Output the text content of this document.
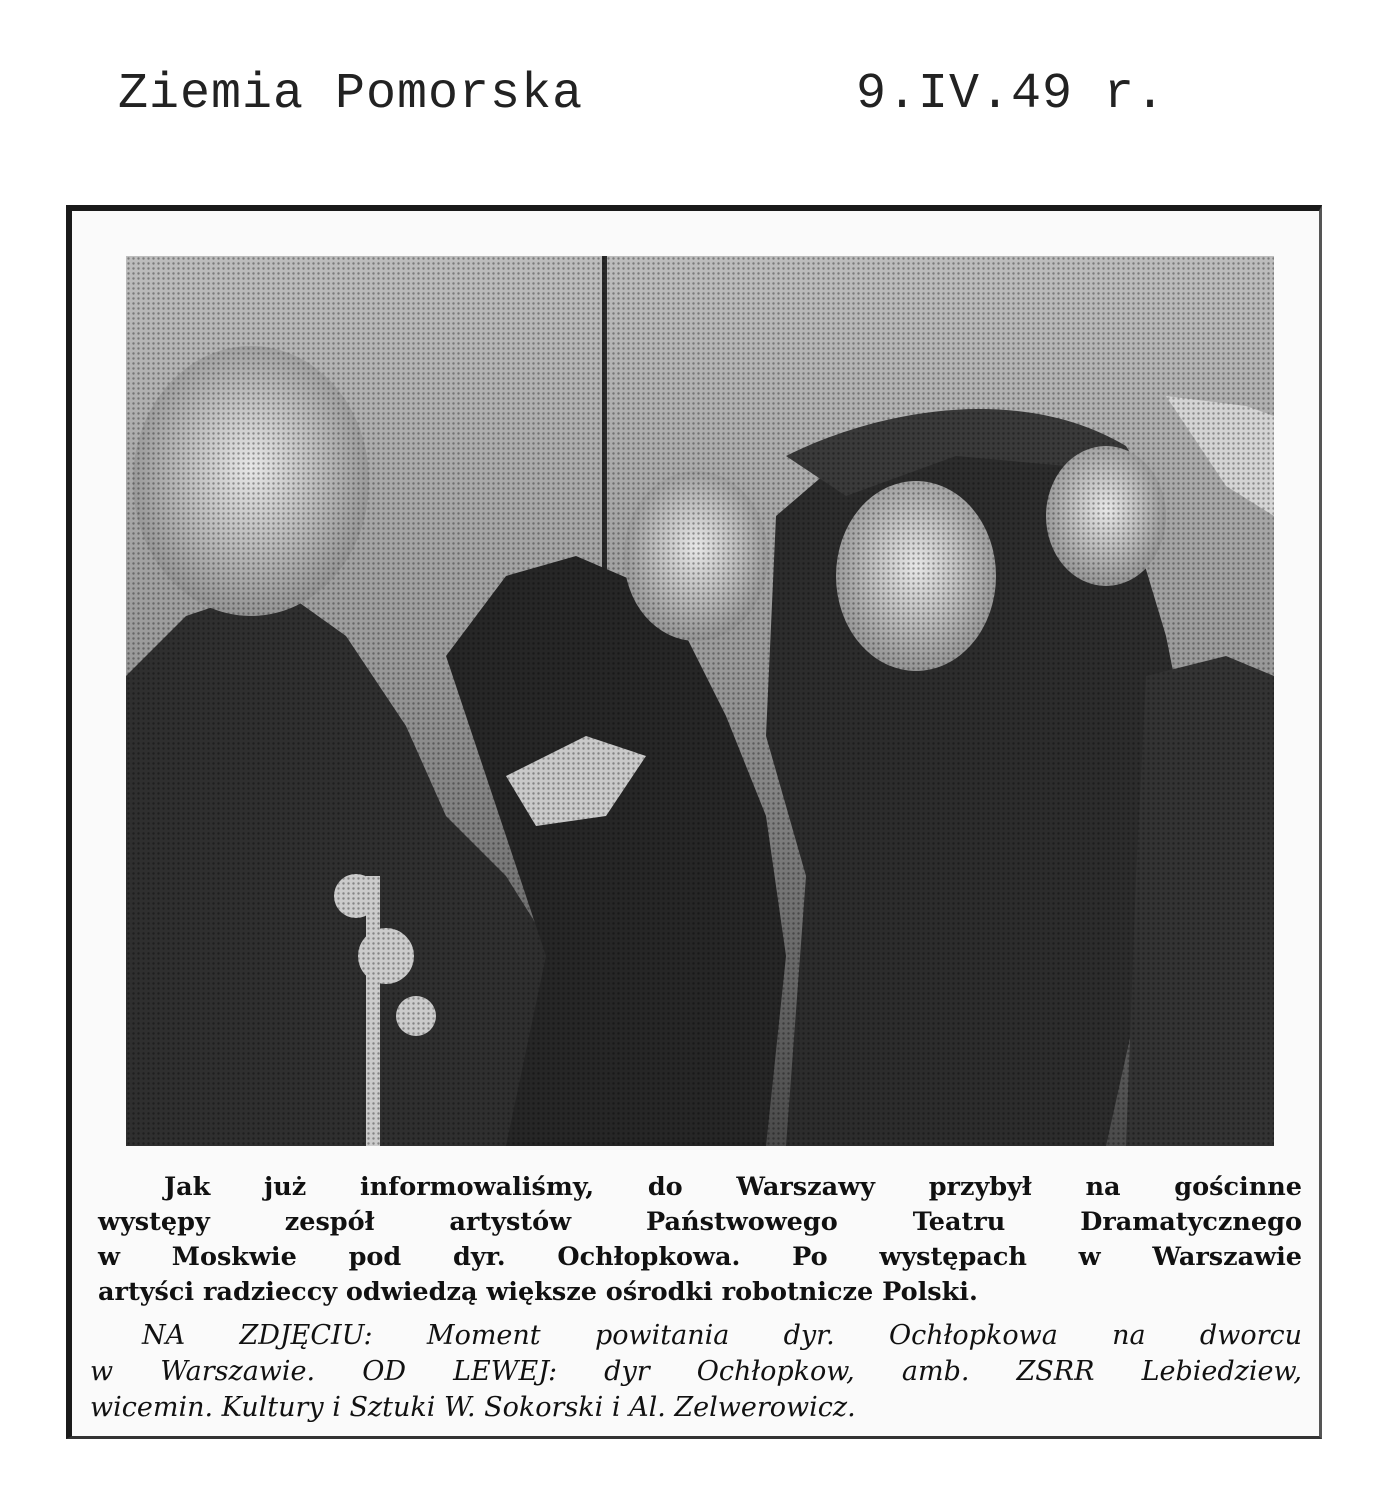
Ziemia Pomorska	9.IV.49 r.
Jak już informowaliśmy, do Warszawy przybył na gościnne
występy zespół artystów Państwowego Teatru Dramatycznego
w Moskwie pod dyr. Ochłopkowa. Po występach w Warszawie
artyści radzieccy odwiedzą większe ośrodki robotnicze Polski.
NA ZDJĘCIU: Moment powitania dyr. Ochłopkowa na dworcu
w Warszawie. OD LEWEJ: dyr Ochłopkow, amb. ZSRR Lebiedziew,
wicemin. Kultury i Sztuki W. Sokorski i Al. Zelwerowicz.
